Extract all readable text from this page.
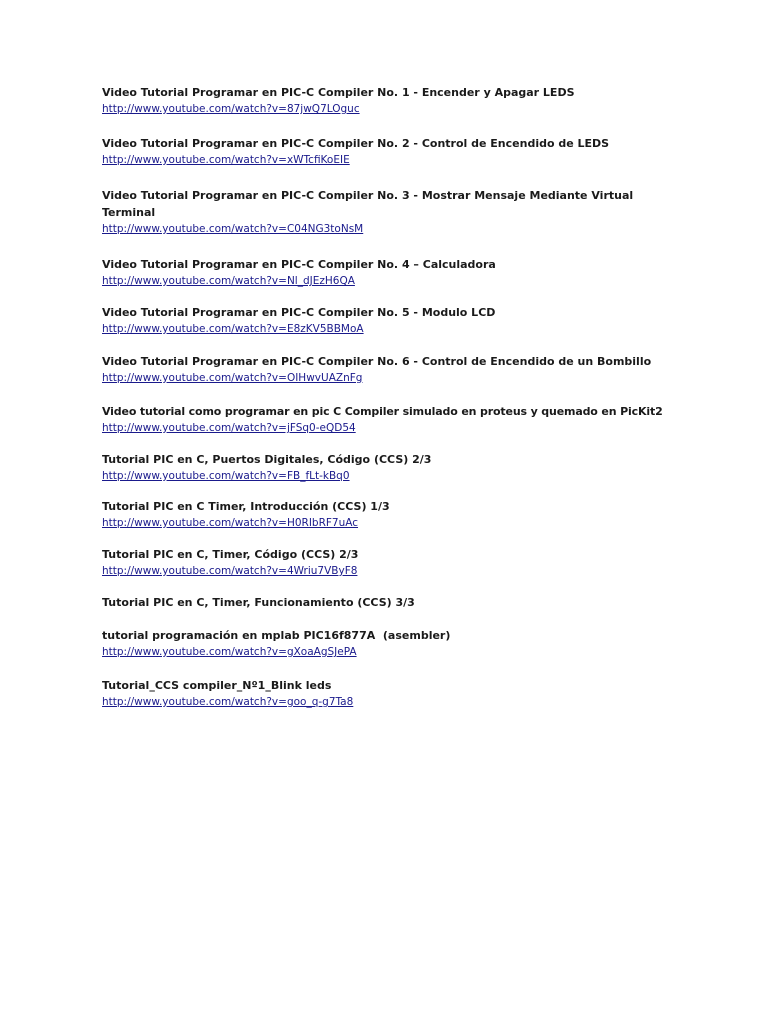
Video Tutorial Programar en PIC-C Compiler No. 1 - Encender y Apagar LEDS

http://www.youtube.com/watch?v=87jwQ7LOguc

Video Tutorial Programar en PIC-C Compiler No. 2 - Control de Encendido de LEDS

http://www.youtube.com/watch?v=xWTcfiKoEIE

Video Tutorial Programar en PIC-C Compiler No. 3 - Mostrar Mensaje Mediante Virtual Terminal

http://www.youtube.com/watch?v=C04NG3toNsM

Video Tutorial Programar en PIC-C Compiler No. 4 – Calculadora

http://www.youtube.com/watch?v=Nl_dJEzH6QA

Video Tutorial Programar en PIC-C Compiler No. 5 - Modulo LCD

http://www.youtube.com/watch?v=E8zKV5BBMoA

Video Tutorial Programar en PIC-C Compiler No. 6 - Control de Encendido de un Bombillo

http://www.youtube.com/watch?v=OIHwvUAZnFg

Video tutorial como programar en pic C Compiler simulado en proteus y quemado en PicKit2

http://www.youtube.com/watch?v=jFSq0-eQD54

Tutorial PIC en C, Puertos Digitales, Código (CCS) 2/3

http://www.youtube.com/watch?v=FB_fLt-kBq0

Tutorial PIC en C Timer, Introducción (CCS) 1/3

http://www.youtube.com/watch?v=H0RIbRF7uAc

Tutorial PIC en C, Timer, Código (CCS) 2/3

http://www.youtube.com/watch?v=4Wriu7VByF8

Tutorial PIC en C, Timer, Funcionamiento (CCS) 3/3

tutorial programación en mplab PIC16f877A  (asembler)

http://www.youtube.com/watch?v=gXoaAgSJePA

Tutorial_CCS compiler_Nº1_Blink leds

http://www.youtube.com/watch?v=goo_q-g7Ta8
